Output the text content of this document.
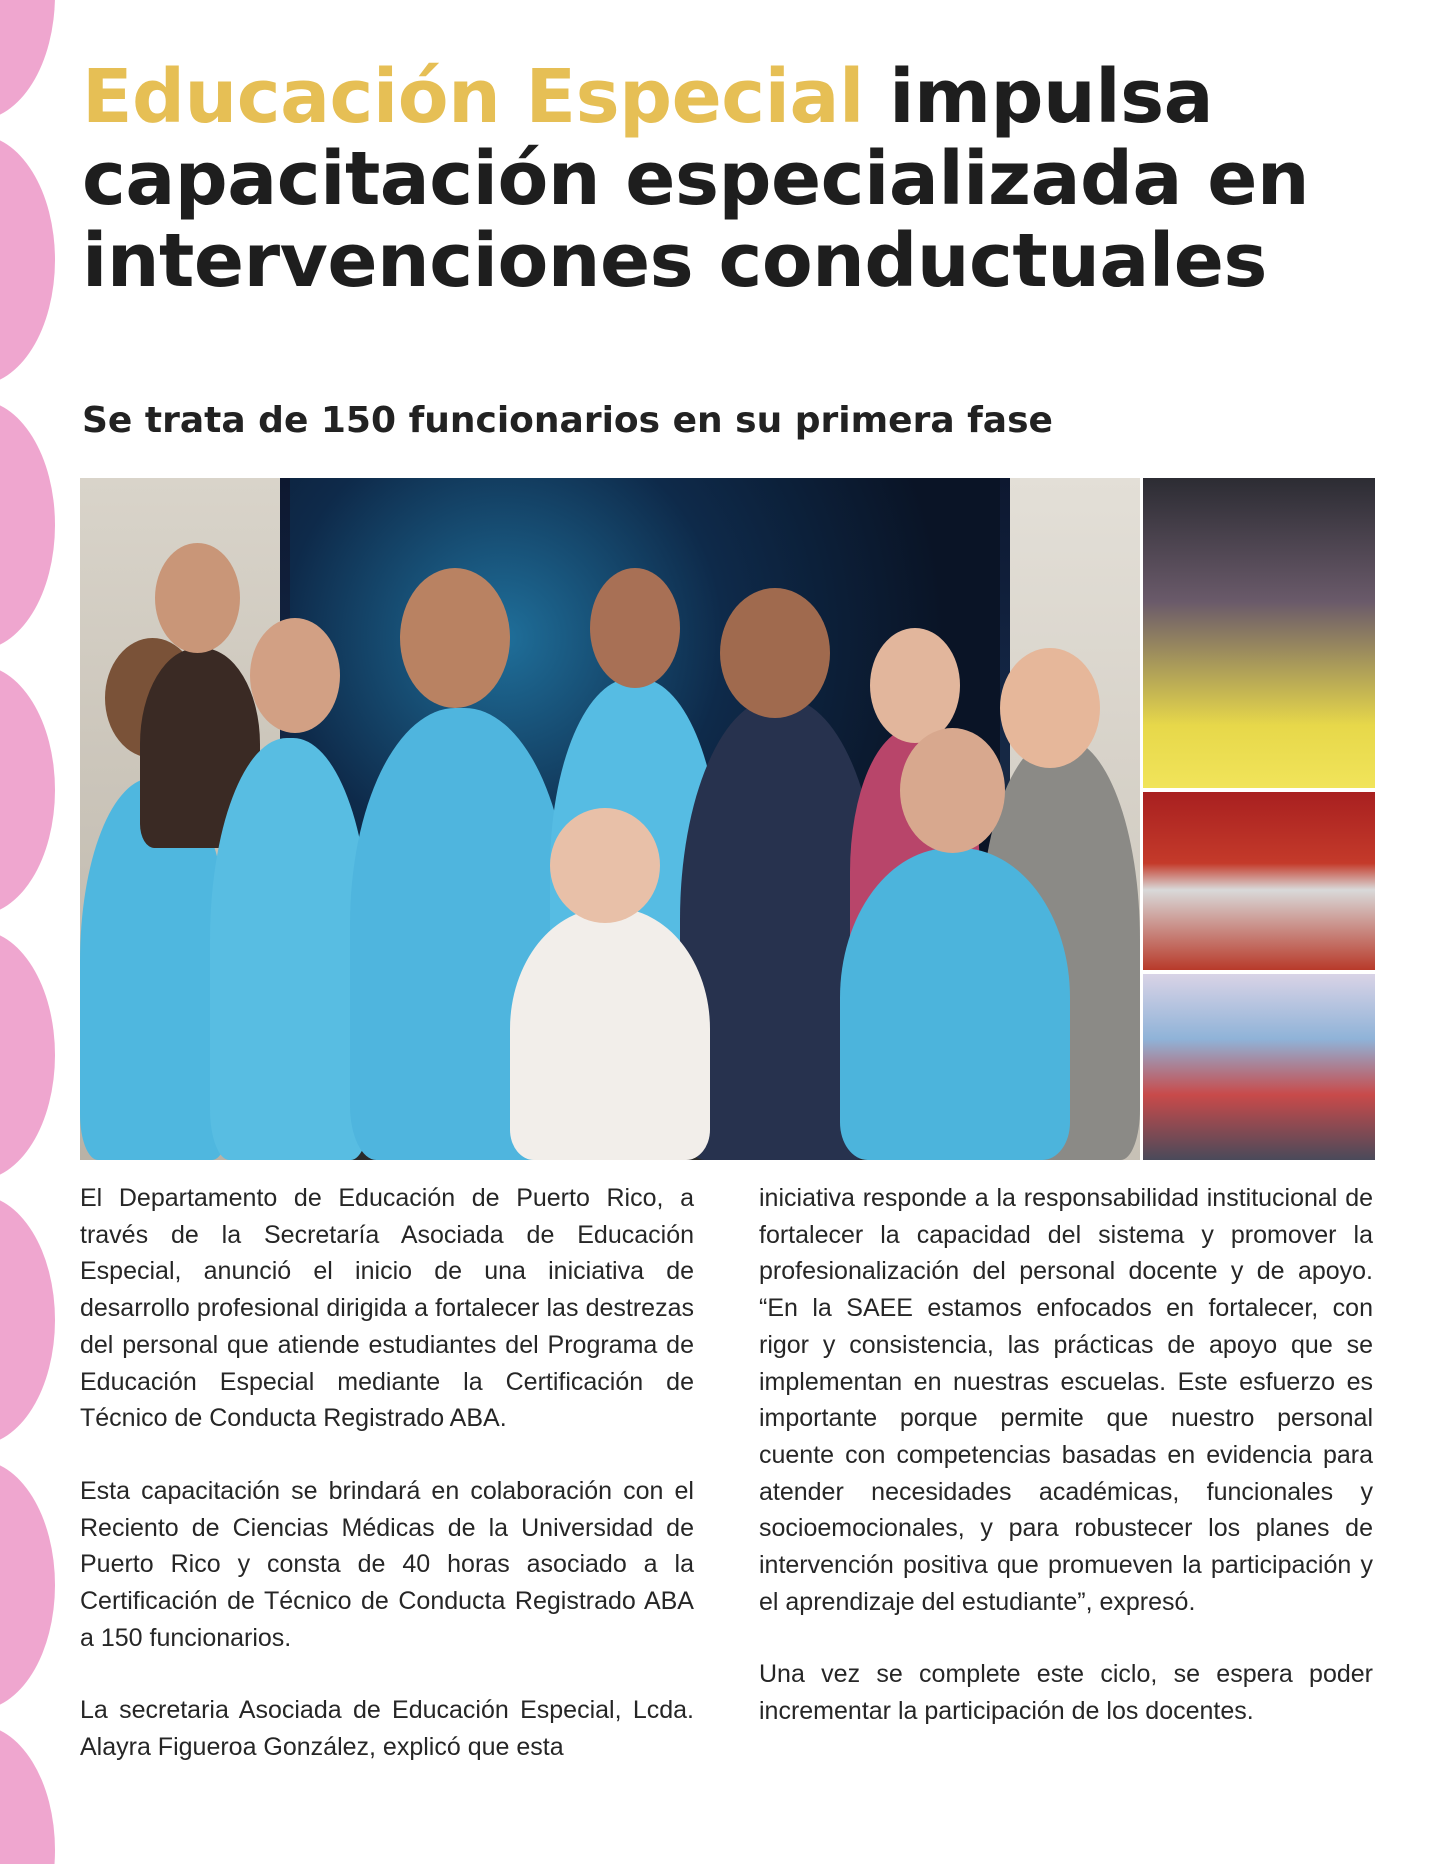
Educación Especial impulsa capacitación especializada en intervenciones conductuales
Se trata de 150 funcionarios en su primera fase

El Departamento de Educación de Puerto Rico, a través de la Secretaría Asociada de Educación Especial, anunció el inicio de una iniciativa de desarrollo profesional dirigida a fortalecer las destrezas del personal que atiende estudiantes del Programa de Educación Especial mediante la Certificación de Técnico de Conducta Registrado ABA.

Esta capacitación se brindará en colaboración con el Reciento de Ciencias Médicas de la Universidad de Puerto Rico y consta de 40 horas asociado a la Certificación de Técnico de Conducta Registrado ABA a 150 funcionarios.

La secretaria Asociada de Educación Especial, Lcda. Alayra Figueroa González, explicó que esta

iniciativa responde a la responsabilidad institucional de fortalecer la capacidad del sistema y promover la profesionalización del personal docente y de apoyo. “En la SAEE estamos enfocados en fortalecer, con rigor y consistencia, las prácticas de apoyo que se implementan en nuestras escuelas. Este esfuerzo es importante porque permite que nuestro personal cuente con competencias basadas en evidencia para atender necesidades académicas, funcionales y socioemocionales, y para robustecer los planes de intervención positiva que promueven la participación y el aprendizaje del estudiante”, expresó.

Una vez se complete este ciclo, se espera poder incrementar la participación de los docentes.
